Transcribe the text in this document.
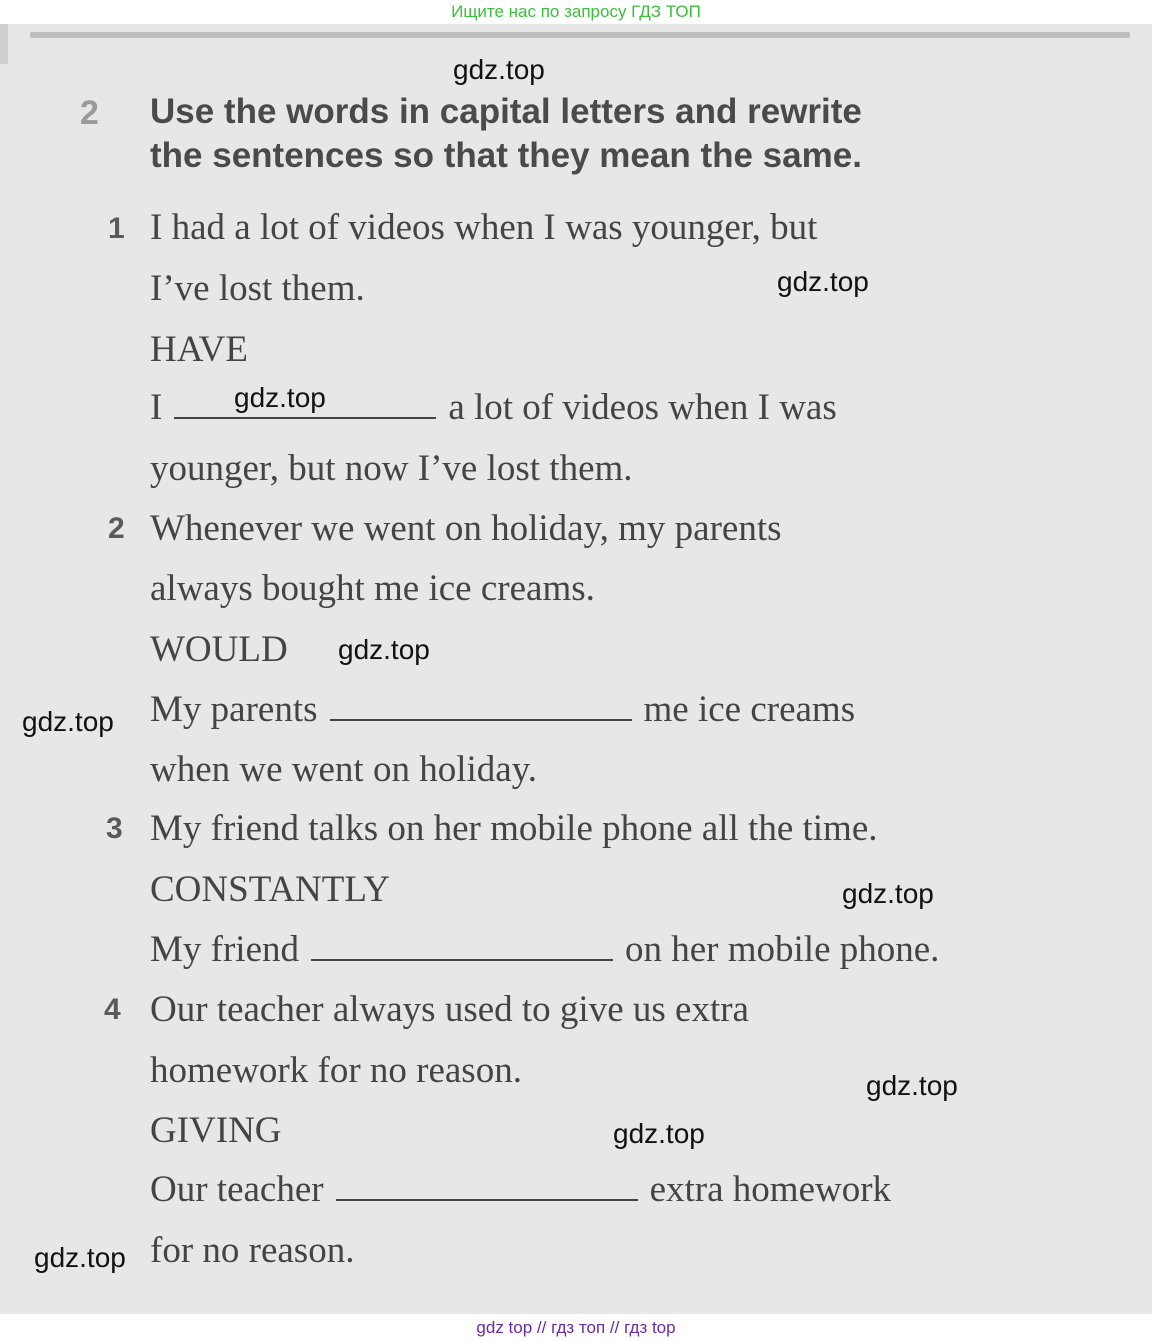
Ищите нас по запросу ГДЗ ТОП
2 Use the words in capital letters and rewrite
the sentences so that they mean the same.
1 I had a lot of videos when I was younger, but
I’ve lost them.
HAVE
I	a lot of videos when I was
younger, but now I’ve lost them.
2 Whenever we went on holiday, my parents
always bought me ice creams.
WOULD
My parents	me ice creams
when we went on holiday.
3 My friend talks on her mobile phone all the time.
CONSTANTLY
My friend	on her mobile phone.
4 Our teacher always used to give us extra
homework for no reason.
GIVING
Our teacher	extra homework
for no reason.
gdz.top
gdz.top
gdz.top
gdz.top
gdz.top
gdz.top
gdz.top
gdz.top
gdz.top
gdz top // гдз топ // гдз top
